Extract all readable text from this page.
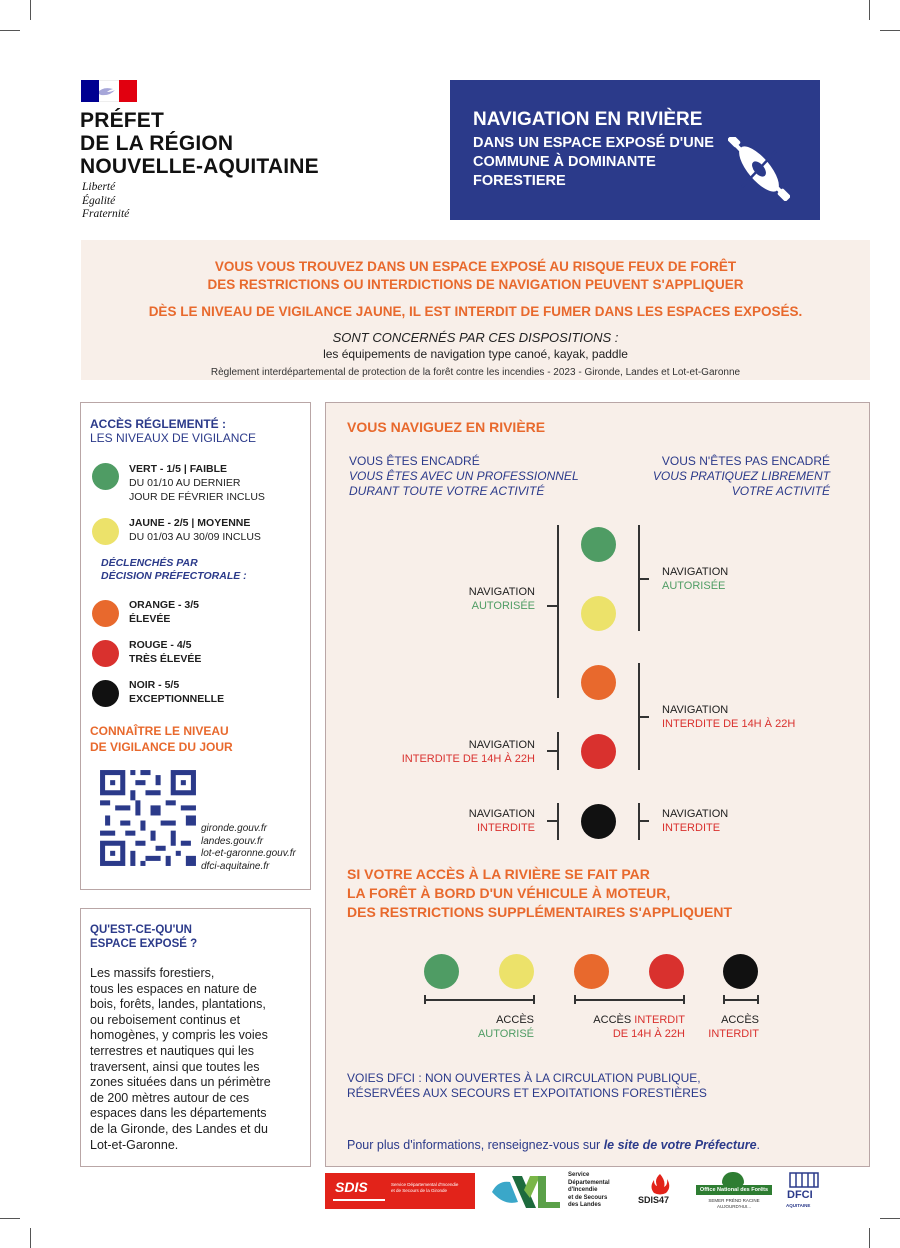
PRÉFET
DE LA RÉGION
NOUVELLE-AQUITAINE
Liberté
Égalité
Fraternité
NAVIGATION EN RIVIÈRE
DANS UN ESPACE EXPOSÉ D'UNE COMMUNE À DOMINANTE FORESTIERE
VOUS VOUS TROUVEZ DANS UN ESPACE EXPOSÉ AU RISQUE FEUX DE FORÊT
DES RESTRICTIONS OU INTERDICTIONS DE NAVIGATION PEUVENT S'APPLIQUER
DÈS LE NIVEAU DE VIGILANCE JAUNE, IL EST INTERDIT DE FUMER DANS LES ESPACES EXPOSÉS.
SONT CONCERNÉS PAR CES DISPOSITIONS :
les équipements de navigation type canoé, kayak, paddle
Règlement interdépartemental de protection de la forêt contre les incendies - 2023 - Gironde, Landes et Lot-et-Garonne
ACCÈS RÉGLEMENTÉ :
LES NIVEAUX DE VIGILANCE
VERT - 1/5 | FAIBLE
DU 01/10 AU DERNIER
JOUR DE FÉVRIER INCLUS
JAUNE - 2/5 | MOYENNE
DU 01/03 AU 30/09 INCLUS
DÉCLENCHÉS PAR
DÉCISION PRÉFECTORALE :
ORANGE - 3/5
ÉLEVÉE
ROUGE - 4/5
TRÈS ÉLEVÉE
NOIR - 5/5
EXCEPTIONNELLE
CONNAÎTRE LE NIVEAU
DE VIGILANCE DU JOUR
gironde.gouv.fr
landes.gouv.fr
lot-et-garonne.gouv.fr
dfci-aquitaine.fr
QU'EST-CE-QU'UN
ESPACE EXPOSÉ ?
Les massifs forestiers,
tous les espaces en nature de
bois, forêts, landes, plantations,
ou reboisement continus et
homogènes, y compris les voies
terrestres et nautiques qui les
traversent, ainsi que toutes les
zones situées dans un périmètre
de 200 mètres autour de ces
espaces dans les départements
de la Gironde, des Landes et du
Lot-et-Garonne.
VOUS NAVIGUEZ EN RIVIÈRE
VOUS ÊTES ENCADRÉ
VOUS ÊTES AVEC UN PROFESSIONNEL
DURANT TOUTE VOTRE ACTIVITÉ
VOUS N'ÊTES PAS ENCADRÉ
VOUS PRATIQUEZ LIBREMENT
VOTRE ACTIVITÉ
NAVIGATION
AUTORISÉE
NAVIGATION
INTERDITE DE 14H À 22H
NAVIGATION
INTERDITE
NAVIGATION
AUTORISÉE
NAVIGATION
INTERDITE DE 14H À 22H
NAVIGATION
INTERDITE
SI VOTRE ACCÈS À LA RIVIÈRE SE FAIT PAR
LA FORÊT À BORD D'UN VÉHICULE À MOTEUR,
DES RESTRICTIONS SUPPLÉMENTAIRES S'APPLIQUENT
ACCÈS
AUTORISÉ
ACCÈS INTERDIT
DE 14H À 22H
ACCÈS
INTERDIT
VOIES DFCI : NON OUVERTES À LA CIRCULATION PUBLIQUE,
RÉSERVÉES AUX SECOURS ET EXPOITATIONS FORESTIÈRES
Pour plus d'informations, renseignez-vous sur le site de votre Préfecture.
SDIS	Service Départemental d'Incendie
et de Secours de la Gironde
Service
Départemental
d'Incendie
et de Secours
des Landes	SDIS47
Office National des Forêts
SEMER PRÉND RACINE
AUJOURD'HUI...
DFCI
AQUITAINE
